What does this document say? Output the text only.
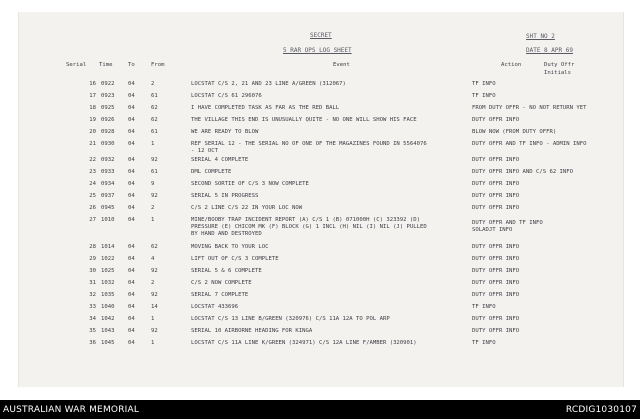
SECRET
5 RAR OPS LOG SHEET
SHT NO 2
DATE 8 APR 69
Serial Time	To	From	Event	Action	Duty Offr
Initials
16 0922	04	2	LOCSTAT C/S 2, 21 AND 23 LINE A/GREEN (312067)	TF INFO
17 0923	04	61	LOCSTAT C/S 61 296076	TF INFO
18 0925	04	62	I HAVE COMPLETED TASK AS FAR AS THE RED BALL	FROM DUTY OFFR - NO NOT RETURN YET
19 0926	04	62	THE VILLAGE THIS END IS UNUSUALLY QUITE - NO ONE WILL SHOW HIS FACE	DUTY OFFR INFO
20 0928	04	61	WE ARE READY TO BLOW	BLOW NOW (FROM DUTY OFFR)
21 0930	04	1	REF SERIAL 12 - THE SERIAL NO OF ONE OF THE MAGAZINES FOUND IN 5564076
- 12 OCT
DUTY OFFR AND TF INFO - ADMIN INFO
22 0932	04	92	SERIAL 4 COMPLETE	DUTY OFFR INFO
23 0933	04	61	DML COMPLETE	DUTY OFFR INFO AND C/S 62 INFO
24 0934	04	9	SECOND SORTIE OF C/S 3 NOW COMPLETE	DUTY OFFR INFO
25 0937	04	92	SERIAL 5 IN PROGRESS	DUTY OFFR INFO
26 0945	04	2	C/S 2 LINE C/S 22 IN YOUR LOC NOW	DUTY OFFR INFO
27 1010	04	1	MINE/BOOBY TRAP INCIDENT REPORT (A) C/S 1 (B) 071000H (C) 323392 (D)
PRESSURE (E) CHICOM MK (F) BLOCK (G) 1 INCL (H) NIL (I) NIL (J) PULLED
BY HAND AND DESTROYED
DUTY OFFR AND TF INFO
SOLADJT INFO
28 1014	04	62	MOVING BACK TO YOUR LOC	DUTY OFFR INFO
29 1022	04	4	LIFT OUT OF C/S 3 COMPLETE	DUTY OFFR INFO
30 1025	04	92	SERIAL 5 & 6 COMPLETE	DUTY OFFR INFO
31 1032	04	2	C/S 2 NOW COMPLETE	DUTY OFFR INFO
32 1035	04	92	SERIAL 7 COMPLETE	DUTY OFFR INFO
33 1040	04	14	LOCSTAT 433696	TF INFO
34 1042	04	1	LOCSTAT C/S 13 LINE B/GREEN (320976) C/S 11A 12A TO POL ARP	DUTY OFFR INFO
35 1043	04	92	SERIAL 10 AIRBORNE HEADING FOR KINGA	DUTY OFFR INFO
36 1045	04	1	LOCSTAT C/S 11A LINE K/GREEN (324971) C/S 12A LINE F/AMBER (320901)	TF INFO
AUSTRALIAN WAR MEMORIAL	RCDIG1030107
